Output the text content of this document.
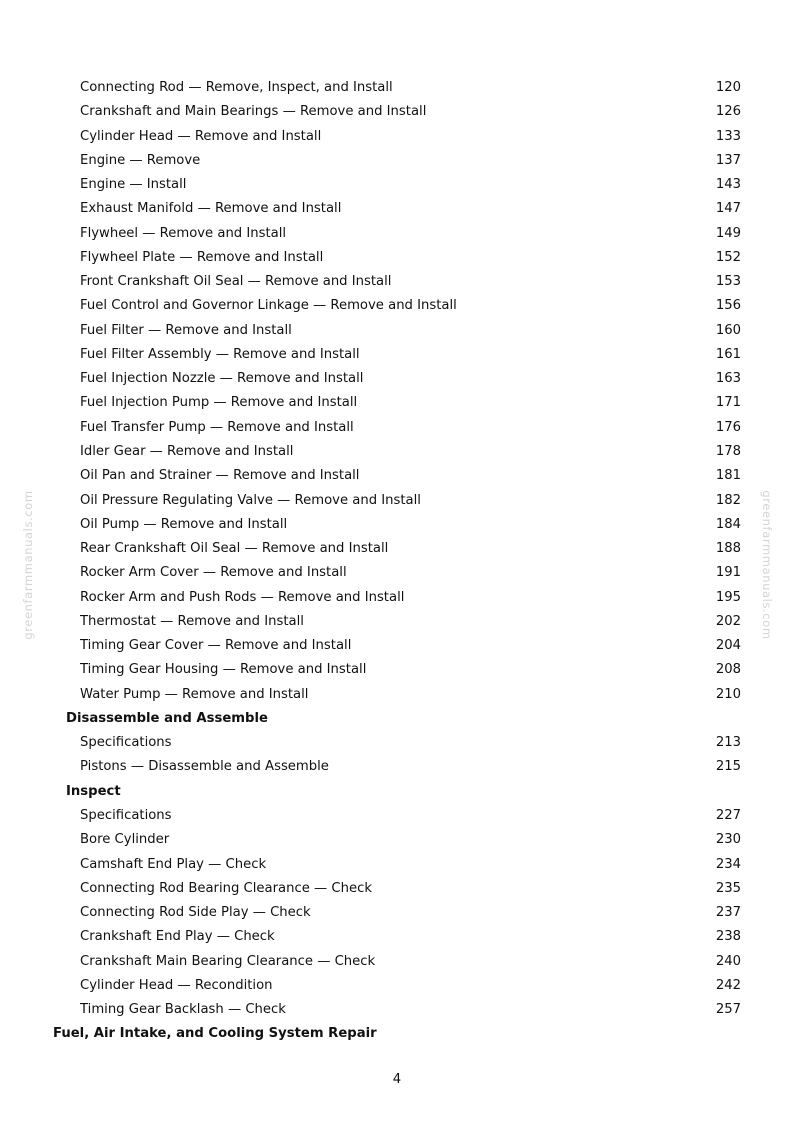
Connecting Rod — Remove, Inspect, and Install	120
Crankshaft and Main Bearings — Remove and Install	126
Cylinder Head — Remove and Install	133
Engine — Remove	137
Engine — Install	143
Exhaust Manifold — Remove and Install	147
Flywheel — Remove and Install	149
Flywheel Plate — Remove and Install	152
Front Crankshaft Oil Seal — Remove and Install	153
Fuel Control and Governor Linkage — Remove and Install	156
Fuel Filter — Remove and Install	160
Fuel Filter Assembly — Remove and Install	161
Fuel Injection Nozzle — Remove and Install	163
Fuel Injection Pump — Remove and Install	171
Fuel Transfer Pump — Remove and Install	176
Idler Gear — Remove and Install	178
Oil Pan and Strainer — Remove and Install	181
Oil Pressure Regulating Valve — Remove and Install	182
Oil Pump — Remove and Install	184
Rear Crankshaft Oil Seal — Remove and Install	188
Rocker Arm Cover — Remove and Install	191
Rocker Arm and Push Rods — Remove and Install	195
Thermostat — Remove and Install	202
Timing Gear Cover — Remove and Install	204
Timing Gear Housing — Remove and Install	208
Water Pump — Remove and Install	210
Disassemble and Assemble
Specifications	213
Pistons — Disassemble and Assemble	215
Inspect
Specifications	227
Bore Cylinder	230
Camshaft End Play — Check	234
Connecting Rod Bearing Clearance — Check	235
Connecting Rod Side Play — Check	237
Crankshaft End Play — Check	238
Crankshaft Main Bearing Clearance — Check	240
Cylinder Head — Recondition	242
Timing Gear Backlash — Check	257
Fuel, Air Intake, and Cooling System Repair
greenfarmmanuals.com	greenfarmmanuals.com
4
